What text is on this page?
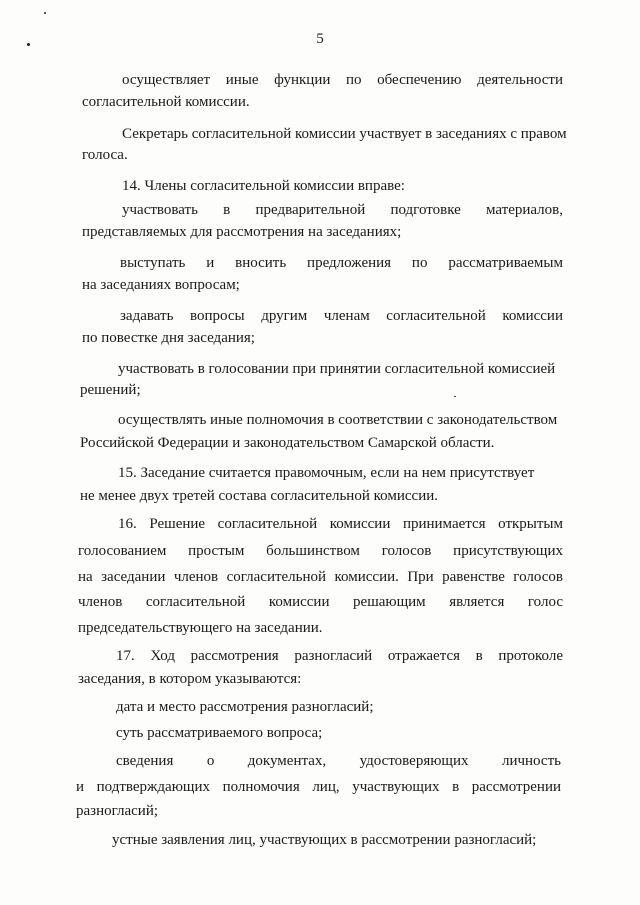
5
осуществляет иные функции по обеспечению деятельности
согласительной комиссии.
Секретарь согласительной комиссии участвует в заседаниях с правом
голоса.
14. Члены согласительной комиссии вправе:
участвовать в предварительной подготовке материалов,
представляемых для рассмотрения на заседаниях;
выступать и вносить предложения по рассматриваемым
на заседаниях вопросам;
задавать вопросы другим членам согласительной комиссии
по повестке дня заседания;
участвовать в голосовании при принятии согласительной комиссией
решений;
осуществлять иные полномочия в соответствии с законодательством
Российской Федерации и законодательством Самарской области.
15. Заседание считается правомочным, если на нем присутствует
не менее двух третей состава согласительной комиссии.
16. Решение согласительной комиссии принимается открытым
голосованием простым большинством голосов присутствующих
на заседании членов согласительной комиссии. При равенстве голосов
членов согласительной комиссии решающим является голос
председательствующего на заседании.
17. Ход рассмотрения разногласий отражается в протоколе
заседания, в котором указываются:
дата и место рассмотрения разногласий;
суть рассматриваемого вопроса;
сведения о документах, удостоверяющих личность
и подтверждающих полномочия лиц, участвующих в рассмотрении
разногласий;
устные заявления лиц, участвующих в рассмотрении разногласий;
